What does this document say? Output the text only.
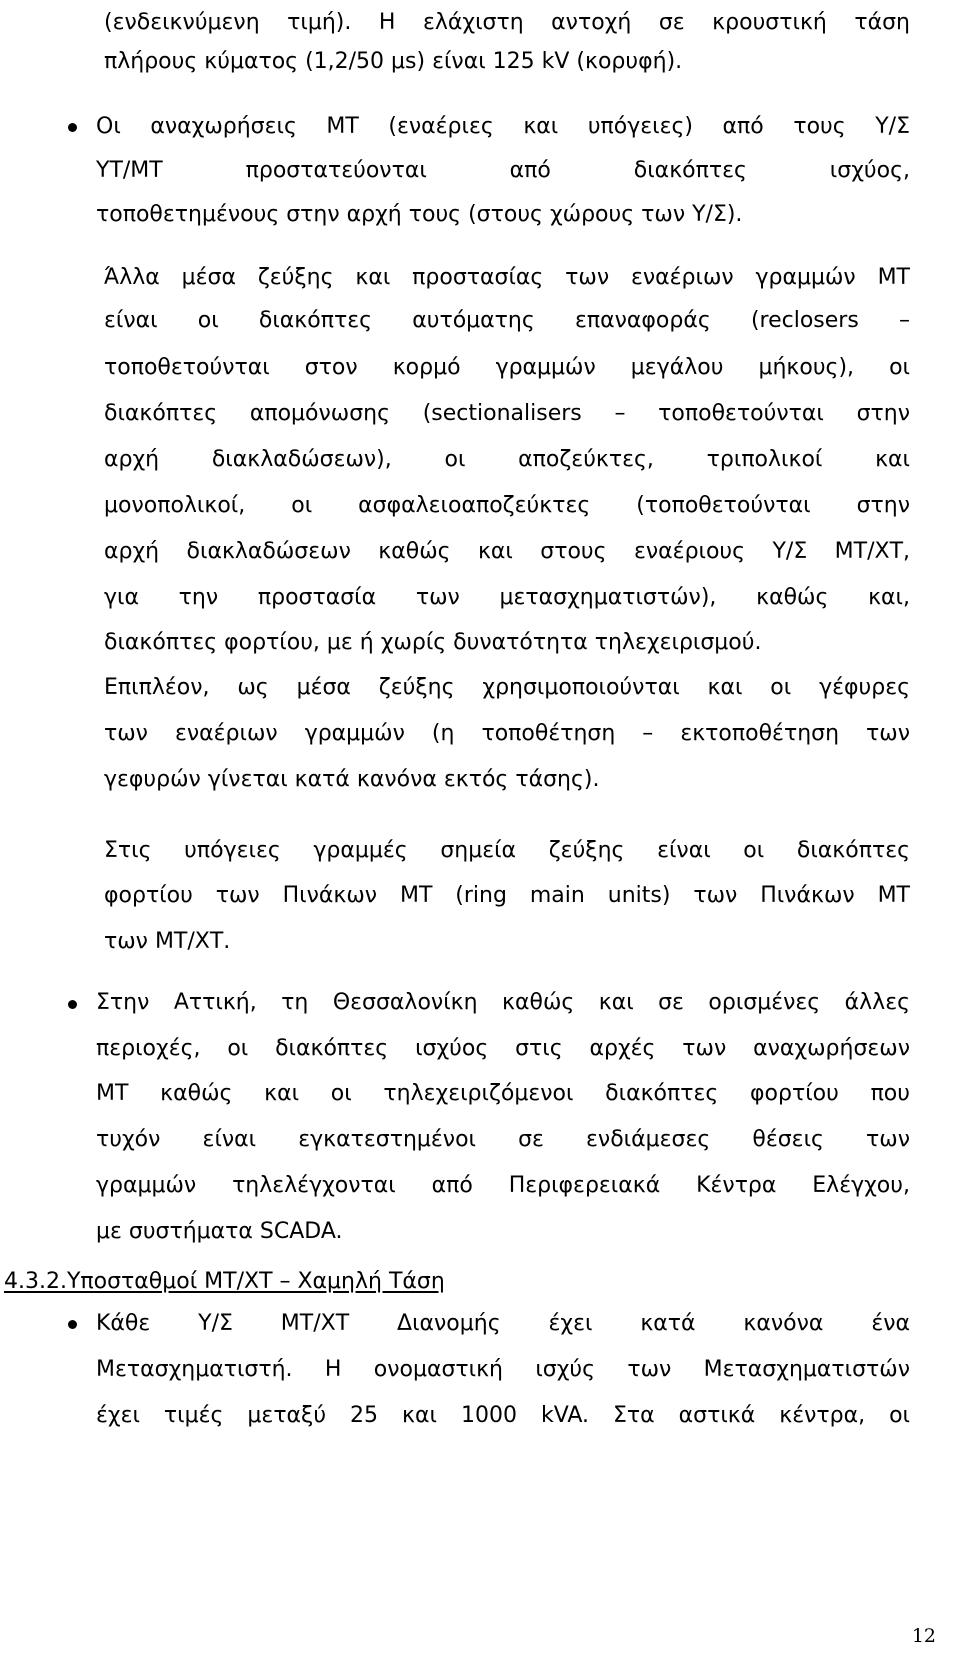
(ενδεικνύμενη τιμή). Η ελάχιστη αντοχή σε κρουστική τάση

πλήρους κύματος (1,2/50 μs) είναι 125 kV (κορυφή).

Οι αναχωρήσεις ΜΤ (εναέριες και υπόγειες) από τους Υ/Σ

ΥΤ/ΜΤ προστατεύονται από διακόπτες ισχύος,

τοποθετημένους στην αρχή τους (στους χώρους των Υ/Σ).

Άλλα μέσα ζεύξης και προστασίας των εναέριων γραμμών ΜΤ

είναι οι διακόπτες αυτόματης επαναφοράς (reclosers –

τοποθετούνται στον κορμό γραμμών μεγάλου μήκους), οι

διακόπτες απομόνωσης (sectionalisers – τοποθετούνται στην

αρχή διακλαδώσεων), οι αποζεύκτες, τριπολικοί και

μονοπολικοί, οι ασφαλειοαποζεύκτες (τοποθετούνται στην

αρχή διακλαδώσεων καθώς και στους εναέριους Υ/Σ ΜΤ/ΧΤ,

για την προστασία των μετασχηματιστών), καθώς και,

διακόπτες φορτίου, με ή χωρίς δυνατότητα τηλεχειρισμού.

Επιπλέον, ως μέσα ζεύξης χρησιμοποιούνται και οι γέφυρες

των εναέριων γραμμών (η τοποθέτηση – εκτοποθέτηση των

γεφυρών γίνεται κατά κανόνα εκτός τάσης).

Στις υπόγειες γραμμές σημεία ζεύξης είναι οι διακόπτες

φορτίου των Πινάκων ΜΤ (ring main units) των Πινάκων ΜΤ

των ΜΤ/ΧΤ.

Στην Αττική, τη Θεσσαλονίκη καθώς και σε ορισμένες άλλες

περιοχές, οι διακόπτες ισχύος στις αρχές των αναχωρήσεων

ΜΤ καθώς και οι τηλεχειριζόμενοι διακόπτες φορτίου που

τυχόν είναι εγκατεστημένοι σε ενδιάμεσες θέσεις των

γραμμών τηλελέγχονται από Περιφερειακά Κέντρα Ελέγχου,

με συστήματα SCADA.

4.3.2.Υποσταθμοί ΜΤ/ΧΤ – Χαμηλή Τάση

Κάθε Υ/Σ ΜΤ/ΧΤ Διανομής έχει κατά κανόνα ένα

Μετασχηματιστή. Η ονομαστική ισχύς των Μετασχηματιστών

έχει τιμές μεταξύ 25 και 1000 kVA. Στα αστικά κέντρα, οι

12
